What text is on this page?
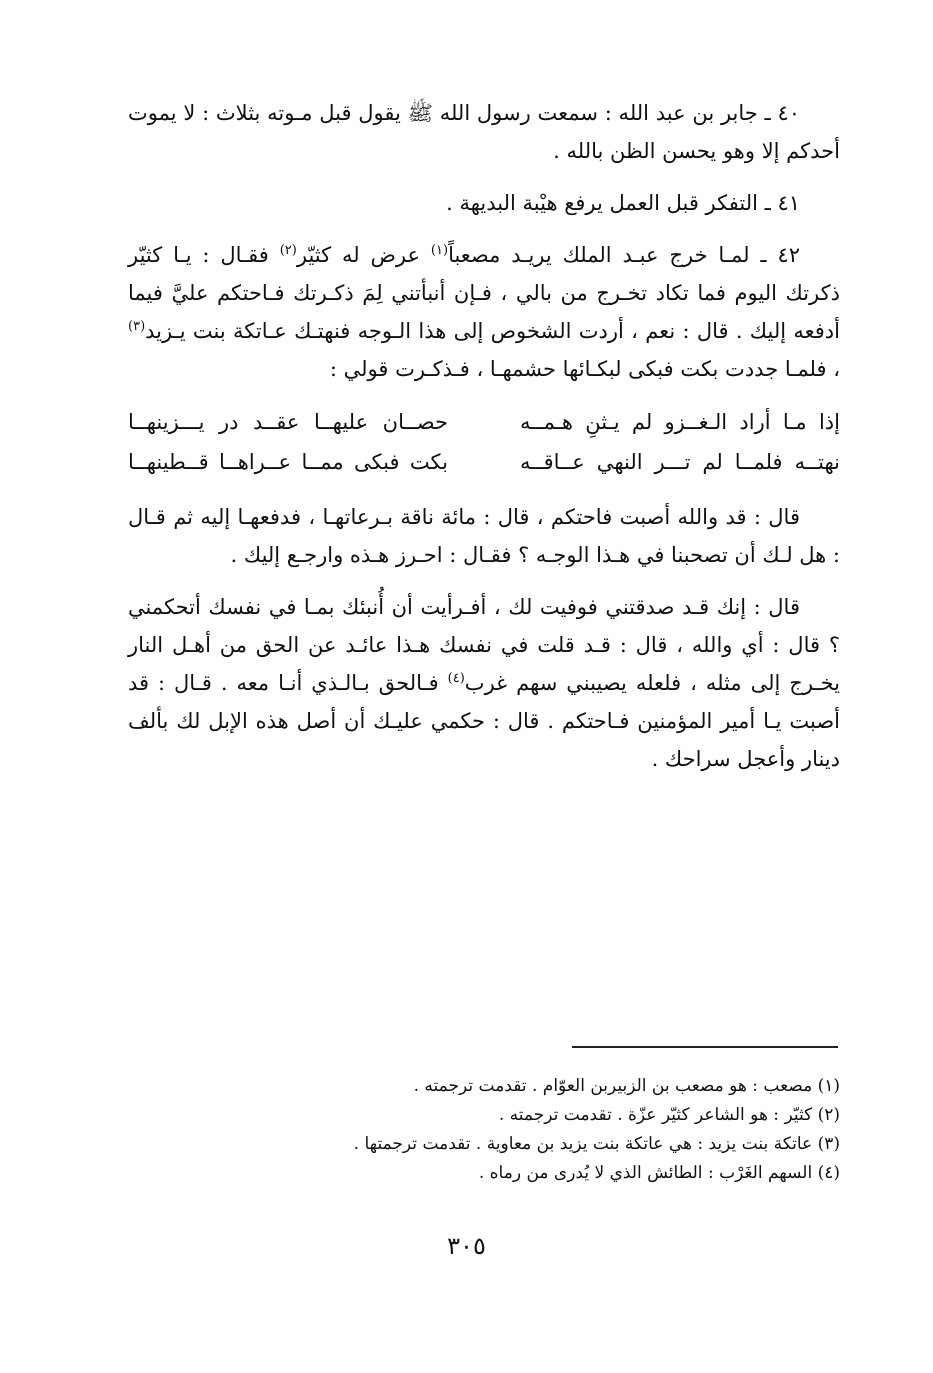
٤٠ ـ جابر بن عبد الله : سمعت رسول الله ﷺ يقول قبل مـوته بثلاث : لا يموت أحدكم إلا وهو يحسن الظن بالله .

٤١ ـ التفكر قبل العمل يرفع هيْبة البديهة .

٤٢ ـ لمـا خرج عبـد الملك يريـد مصعباً$^{(١)}$ عرض له كثيّر$^{(٢)}$ فقـال : يـا كثيّر ذكرتك اليوم فما تكاد تخـرج من بالي ، فـإن أنبأتني لِمَ ذكـرتك فـاحتكم عليَّ فيما أدفعه إليك . قال : نعم ، أردت الشخوص إلى هذا الـوجه فنهتـك عـاتكة بنت يـزيد$^{(٣)}$ ، فلمـا جددت بكت فبكى لبكـائها حشمهـا ، فـذكـرت قولي :

إذا مـا أراد الـغــزو لم يـثنِ هـمــه
حصــان عليهــا عقــد در يـــزينهــا
نهتــه فلمــا لم تـــر النهي عــاقــه
بكت فبكى ممــا عــراهــا قــطينهــا

قال : قد والله أصبت فاحتكم ، قال : مائة ناقة بـرعاتهـا ، فدفعهـا إليه ثم قـال : هل لـك أن تصحبنا في هـذا الوجـه ؟ فقـال : احـرز هـذه وارجـع إليك .

قال : إنك قـد صدقتني فوفيت لك ، أفـرأيت أن أُنبئك بمـا في نفسك أتحكمني ؟ قال : أي والله ، قال : قـد قلت في نفسك هـذا عائـد عن الحق من أهـل النار يخـرج إلى مثله ، فلعله يصيبني سهم غرب$^{(٤)}$ فـالحق بـالـذي أنـا معه . قـال : قد أصبت يـا أمير المؤمنين فـاحتكم . قال : حكمي عليـك أن أصل هذه الإبل لك بألف دينار وأعجل سراحك .

(١) مصعب : هو مصعب بن الزبيربن العوّام . تقدمت ترجمته .
(٢) كثيّر : هو الشاعر كثيّر عزّة . تقدمت ترجمته .
(٣) عاتكة بنت يزيد : هي عاتكة بنت يزيد بن معاوية . تقدمت ترجمتها .
(٤) السهم الغَرْب : الطائش الذي لا يُدرى من رماه .
٣٠٥
